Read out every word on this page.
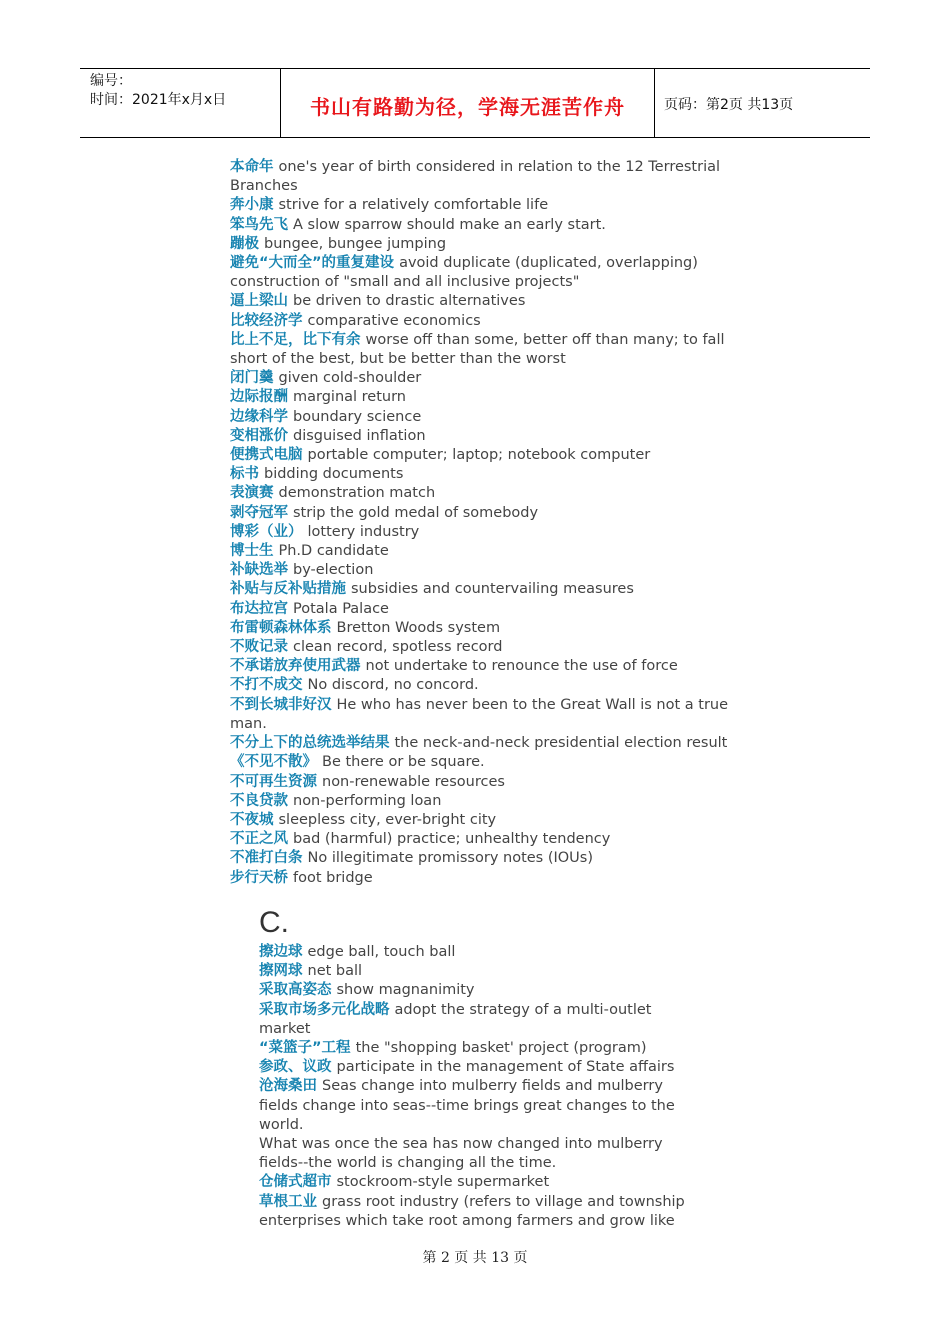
编号：
时间：2021年x月x日	书山有路勤为径，学海无涯苦作舟	页码：第2页 共13页
本命年 one's year of birth considered in relation to the 12 Terrestrial Branches
奔小康 strive for a relatively comfortable life
笨鸟先飞 A slow sparrow should make an early start.
蹦极 bungee, bungee jumping
避免“大而全”的重复建设 avoid duplicate (duplicated, overlapping) construction of "small and all inclusive projects"
逼上梁山 be driven to drastic alternatives
比较经济学 comparative economics
比上不足，比下有余 worse off than some, better off than many; to fall short of the best, but be better than the worst
闭门羹 given cold-shoulder
边际报酬 marginal return
边缘科学 boundary science
变相涨价 disguised inflation
便携式电脑 portable computer; laptop; notebook computer
标书 bidding documents
表演赛 demonstration match
剥夺冠军 strip the gold medal of somebody
博彩（业） lottery industry
博士生 Ph.D candidate
补缺选举 by-election
补贴与反补贴措施 subsidies and countervailing measures
布达拉宫 Potala Palace
布雷顿森林体系 Bretton Woods system
不败记录 clean record, spotless record
不承诺放弃使用武器 not undertake to renounce the use of force
不打不成交 No discord, no concord.
不到长城非好汉 He who has never been to the Great Wall is not a true man.
不分上下的总统选举结果 the neck-and-neck presidential election result
《不见不散》 Be there or be square.
不可再生资源 non-renewable resources
不良贷款 non-performing loan
不夜城 sleepless city, ever-bright city
不正之风 bad (harmful) practice; unhealthy tendency
不准打白条 No illegitimate promissory notes (IOUs)
步行天桥 foot bridge
C.
擦边球 edge ball, touch ball
擦网球 net ball
采取高姿态 show magnanimity
采取市场多元化战略 adopt the strategy of a multi-outlet market
“菜篮子”工程 the "shopping basket' project (program)
参政、议政 participate in the management of State affairs
沧海桑田 Seas change into mulberry fields and mulberry fields change into seas--time brings great changes to the world.
What was once the sea has now changed into mulberry fields--the world is changing all the time.
仓储式超市 stockroom-style supermarket
草根工业 grass root industry (refers to village and township enterprises which take root among farmers and grow like
第 2 页 共 13 页
